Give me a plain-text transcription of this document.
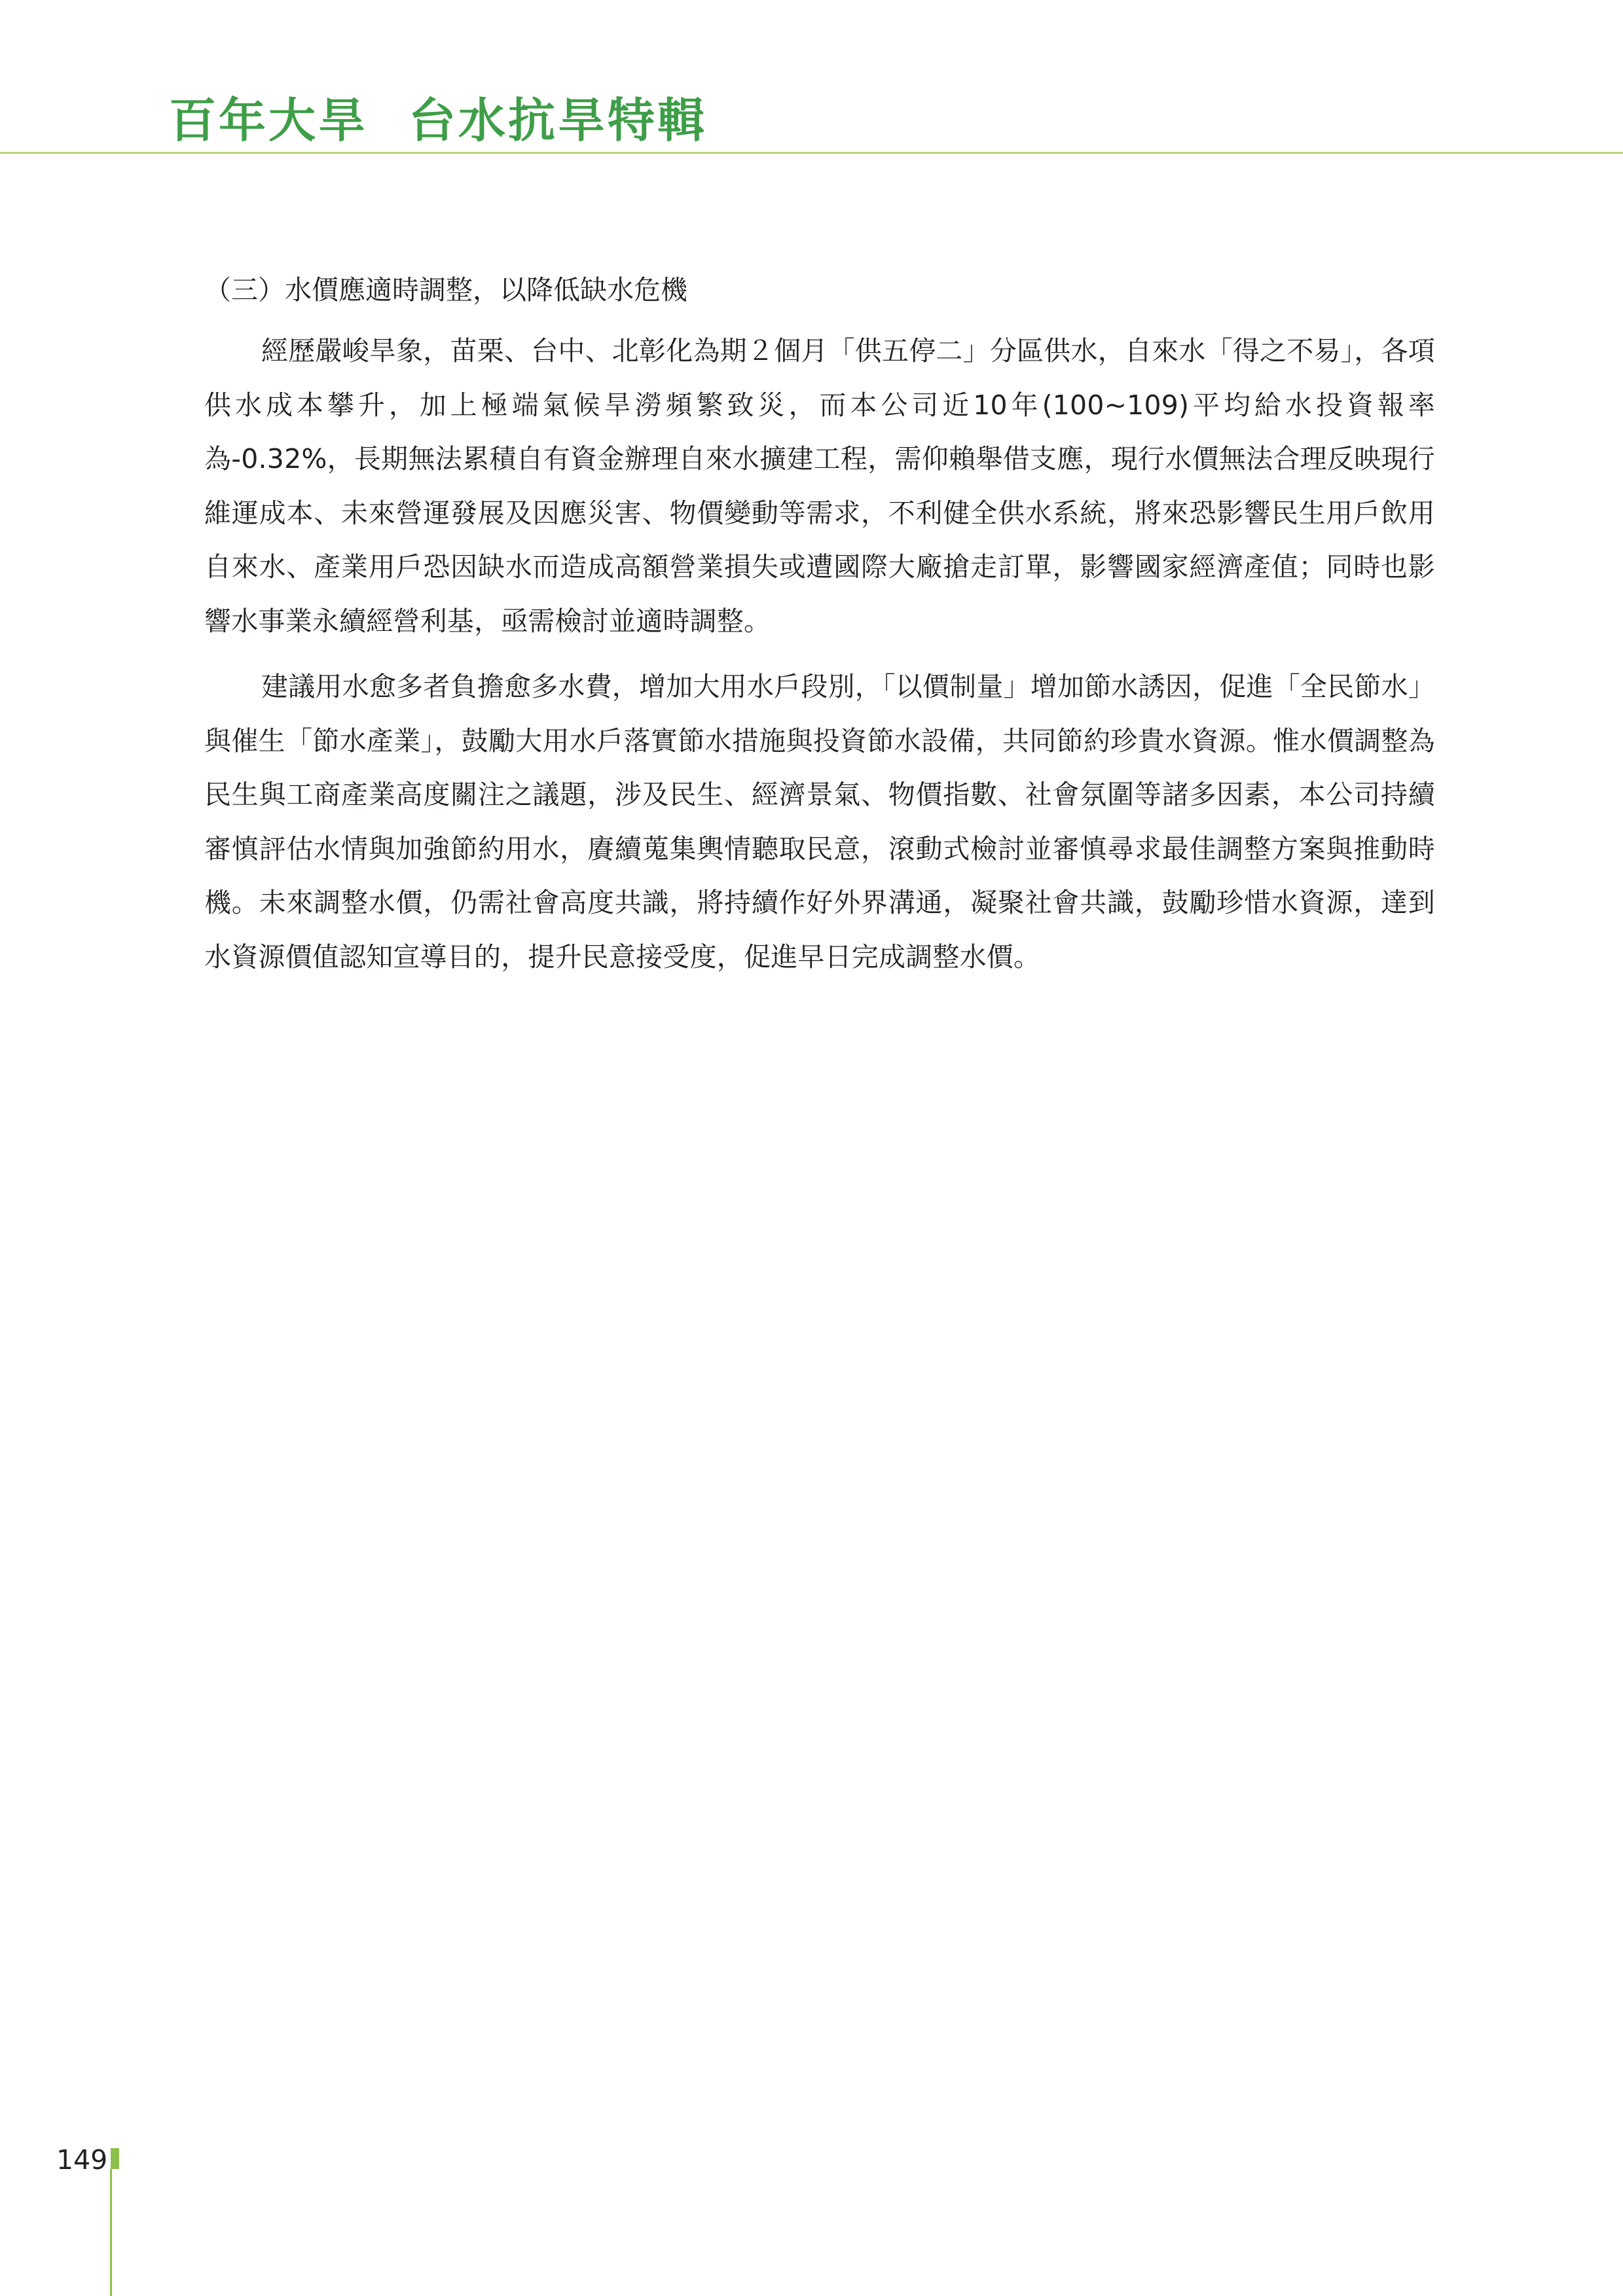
百年大旱 台水抗旱特輯
（三）水價應適時調整，以降低缺水危機

經歷嚴峻旱象，苗栗、台中、北彰化為期２個月「供五停二」分區供水，自來水「得之不易」，各項供水成本攀升，加上極端氣候旱澇頻繁致災，而本公司近10年(100~109)平均給水投資報率為-0.32%，長期無法累積自有資金辦理自來水擴建工程，需仰賴舉借支應，現行水價無法合理反映現行維運成本、未來營運發展及因應災害、物價變動等需求，不利健全供水系統，將來恐影響民生用戶飲用自來水、產業用戶恐因缺水而造成高額營業損失或遭國際大廠搶走訂單，影響國家經濟產值；同時也影響水事業永續經營利基，亟需檢討並適時調整。

建議用水愈多者負擔愈多水費，增加大用水戶段別，「以價制量」增加節水誘因，促進「全民節水」與催生「節水產業」，鼓勵大用水戶落實節水措施與投資節水設備，共同節約珍貴水資源。惟水價調整為民生與工商產業高度關注之議題，涉及民生、經濟景氣、物價指數、社會氛圍等諸多因素，本公司持續審慎評估水情與加強節約用水，賡續蒐集輿情聽取民意，滾動式檢討並審慎尋求最佳調整方案與推動時機。未來調整水價，仍需社會高度共識，將持續作好外界溝通，凝聚社會共識，鼓勵珍惜水資源，達到水資源價值認知宣導目的，提升民意接受度，促進早日完成調整水價。

149
